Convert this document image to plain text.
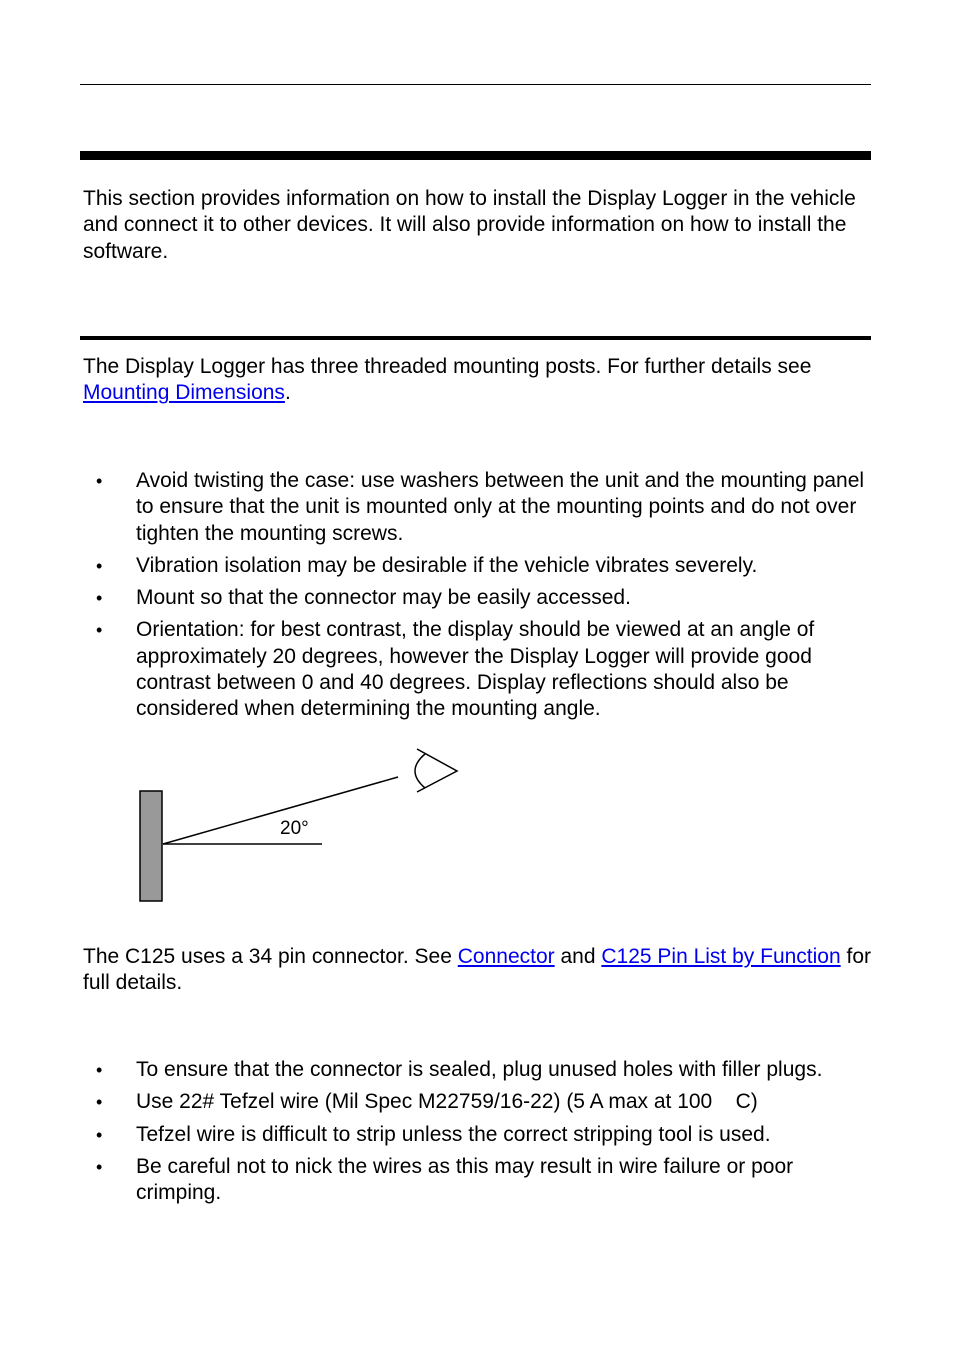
This section provides information on how to install the Display Logger in the vehicle and connect it to other devices. It will also provide information on how to install the software.

The Display Logger has three threaded mounting posts. For further details see Mounting Dimensions.

• Avoid twisting the case: use washers between the unit and the mounting panel to ensure that the unit is mounted only at the mounting points and do not over tighten the mounting screws.
• Vibration isolation may be desirable if the vehicle vibrates severely.
• Mount so that the connector may be easily accessed.
• Orientation: for best contrast, the display should be viewed at an angle of approximately 20 degrees, however the Display Logger will provide good contrast between 0 and 40 degrees. Display reflections should also be considered when determining the mounting angle.
20°

The C125 uses a 34 pin connector. See Connector and C125 Pin List by Function for full details.

• To ensure that the connector is sealed, plug unused holes with filler plugs.
• Use 22# Tefzel wire (Mil Spec M22759/16-22) (5 A max at 100    C)
• Tefzel wire is difficult to strip unless the correct stripping tool is used.
• Be careful not to nick the wires as this may result in wire failure or poor crimping.
